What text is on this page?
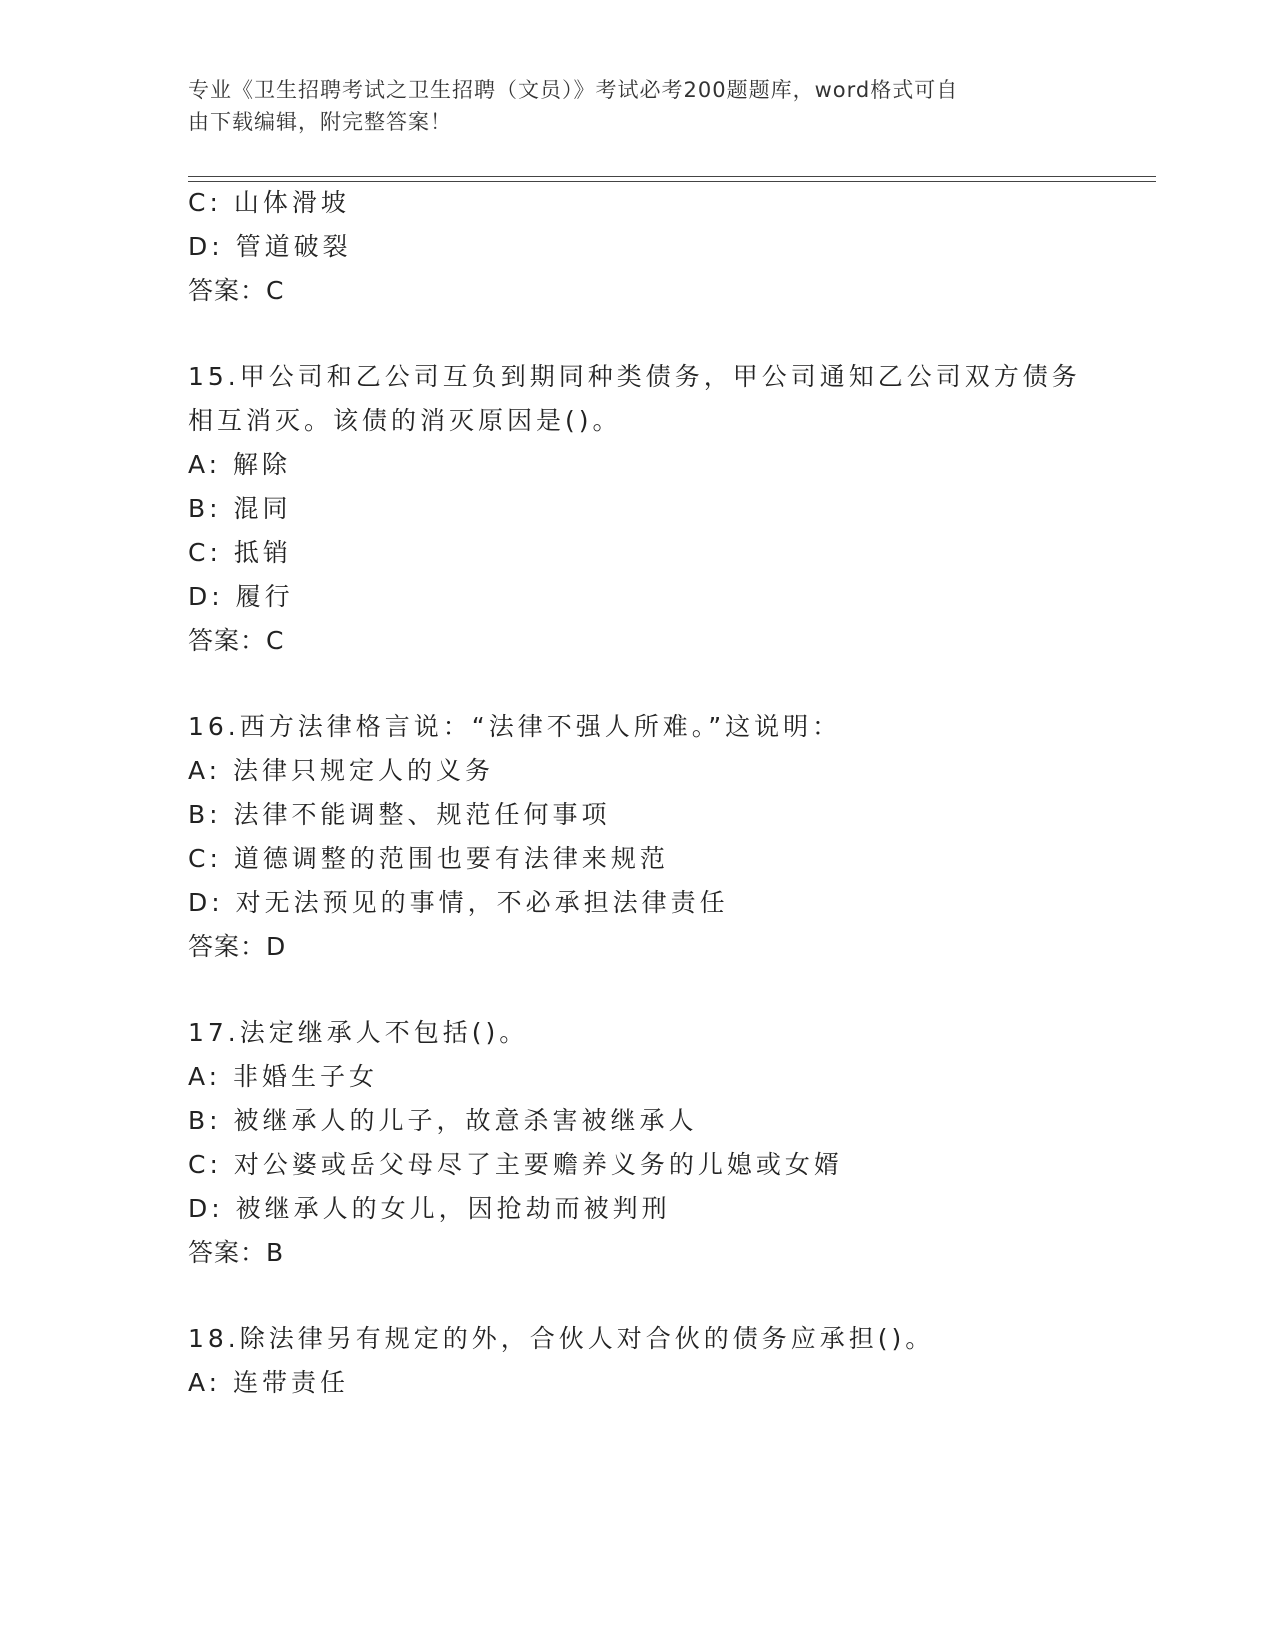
专业《卫生招聘考试之卫生招聘（文员）》考试必考200题题库，word格式可自
由下载编辑，附完整答案！
C: 山体滑坡
D: 管道破裂
答案：C
15.甲公司和乙公司互负到期同种类债务，甲公司通知乙公司双方债务
相互消灭。该债的消灭原因是()。
A: 解除
B: 混同
C: 抵销
D: 履行
答案：C
16.西方法律格言说：“法律不强人所难。”这说明：
A: 法律只规定人的义务
B: 法律不能调整、规范任何事项
C: 道德调整的范围也要有法律来规范
D: 对无法预见的事情，不必承担法律责任
答案：D
17.法定继承人不包括()。
A: 非婚生子女
B: 被继承人的儿子，故意杀害被继承人
C: 对公婆或岳父母尽了主要赡养义务的儿媳或女婿
D: 被继承人的女儿，因抢劫而被判刑
答案：B
18.除法律另有规定的外，合伙人对合伙的债务应承担()。
A: 连带责任
